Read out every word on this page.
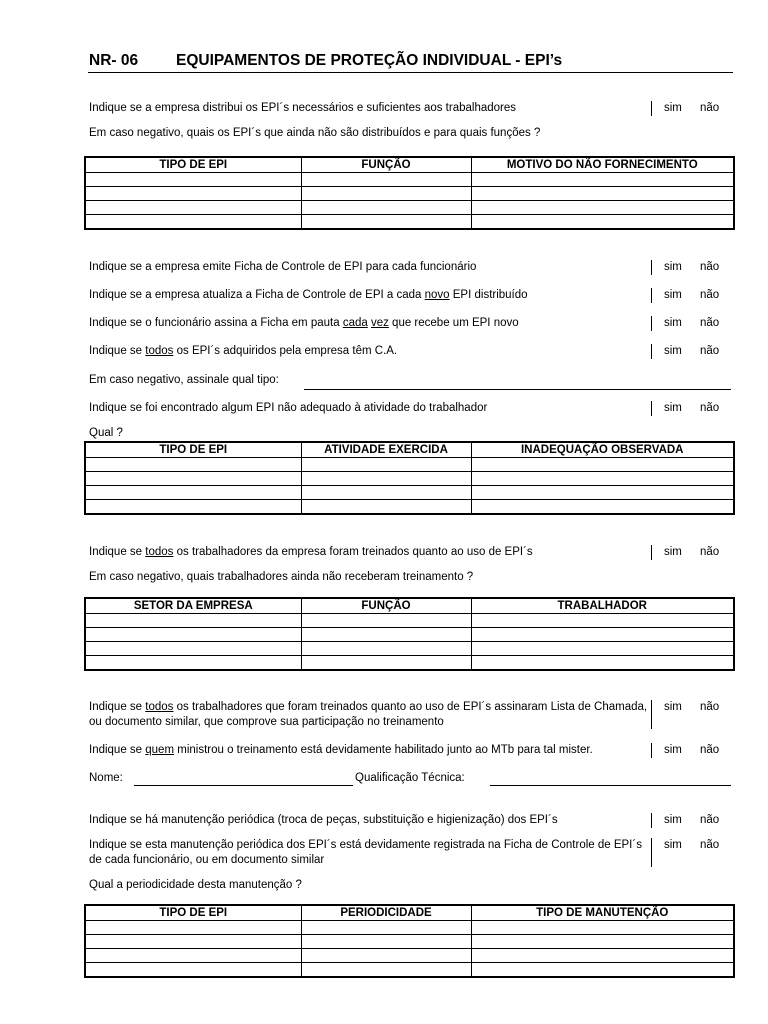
NR- 06 EQUIPAMENTOS DE PROTEÇÃO INDIVIDUAL - EPI’s
Indique se a empresa distribui os EPI´s necessários e suficientes aos trabalhadores	sim não
Em caso negativo, quais os EPI´s que ainda não são distribuídos e para quais funções ?
TIPO DE EPI	FUNÇÃO	MOTIVO DO NÃO FORNECIMENTO

Indique se a empresa emite Ficha de Controle de EPI para cada funcionário	sim não
Indique se a empresa atualiza a Ficha de Controle de EPI a cada novo EPI distribuído	sim não
Indique se o funcionário assina a Ficha em pauta cada vez que recebe um EPI novo	sim não
Indique se todos os EPI´s adquiridos pela empresa têm C.A.	sim não
Em caso negativo, assinale qual tipo:
Indique se foi encontrado algum EPI não adequado à atividade do trabalhador	sim não
Qual ?
TIPO DE EPI	ATIVIDADE EXERCIDA	INADEQUAÇÃO OBSERVADA

Indique se todos os trabalhadores da empresa foram treinados quanto ao uso de EPI´s	sim não
Em caso negativo, quais trabalhadores ainda não receberam treinamento ?
SETOR DA EMPRESA	FUNÇÃO	TRABALHADOR

Indique se todos os trabalhadores que foram treinados quanto ao uso de EPI´s assinaram Lista de Chamada, ou documento similar, que comprove sua participação no treinamento
sim não
Indique se quem ministrou o treinamento está devidamente habilitado junto ao MTb para tal mister.	sim não
Nome:	Qualificação Técnica:
Indique se há manutenção periódica (troca de peças, substituição e higienização) dos EPI´s	sim não
Indique se esta manutenção periódica dos EPI´s está devidamente registrada na Ficha de Controle de EPI´s de cada funcionário, ou em documento similar
sim não
Qual a periodicidade desta manutenção ?
TIPO DE EPI	PERIODICIDADE	TIPO DE MANUTENÇÃO
